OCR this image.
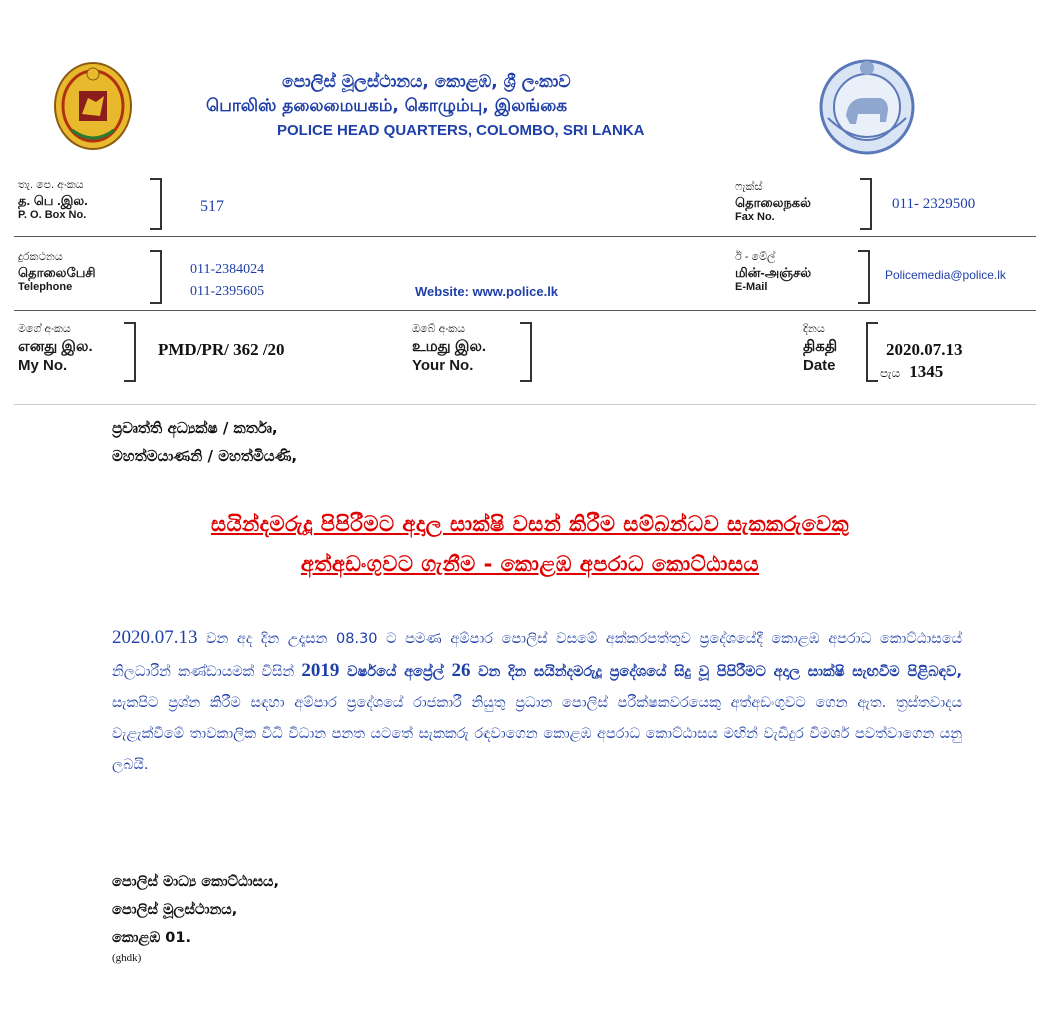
පොලිස් මූලස්ථානය, කොළඹ, ශ්‍රී ලංකාව
பொலிஸ் தலைமையகம், கொழும்பு, இலங்கை
POLICE HEAD QUARTERS, COLOMBO, SRI LANKA
තැ. පෙ. අංකය
த. பெ .இல.
P. O. Box No.	517
ෆැක්ස්
தொலைநகல்
Fax No.
011- 2329500
දුරකථනය
தொலைபேசி
Telephone
011-2384024
011-2395605	Website: www.police.lk
ඊ - මේල්
மின்-அஞ்சல்
E-Mail
Policemedia@police.lk
මගේ අංකය
எனது இல.
My No.
PMD/PR/ 362 /20
ඔබේ අංකය
உமது இல.
Your No.
දිනය
திகதி
Date
2020.07.13
පැය 1345
ප්‍රවෘත්ති අධ්‍යක්ෂ / කර්තෘ,
මහත්මයාණනි / මහත්මියණි,
සයින්දමරුදූ පිපිරීමට අදාල සාක්ෂි වසන් කිරීම සම්බන්ධව සැකකරුවෙකු
අත්අඩංගුවට ගැනීම - කොළඹ අපරාධ කොට්ඨාසය
2020.07.13 වන අද දින උදෑසන 08.30 ට පමණ අම්පාර පොලිස් වසමේ අක්කරපත්තුව ප්‍රදේශයේදී කොළඹ අපරාධ කොට්ඨාසයේ නිලධාරීන් කණ්ඩායමක් විසින් 2019 වර්ෂයේ අප්‍රේල් 26 වන දින සයින්දමරුදූ ප්‍රදේශයේ සිදු වූ පිපිරීමට අදාල සාක්ෂි සැඟවීම පිළිබඳව, සැකපිට ප්‍රශ්න කිරීම සඳහා අම්පාර ප්‍රදේශයේ රාජකාරී නියුතු ප්‍රධාන පොලිස් පරීක්ෂකවරයෙකු අත්අඩංගුවට ගෙන ඇත. ත්‍රස්තවාදය වැළැක්වීමේ තාවකාලික විධි විධාන පනත යටතේ සැකකරු රඳවාගෙන කොළඹ අපරාධ කොට්ඨාසය මඟින් වැඩිදුර විමර්ශ පවත්වාගෙන යනු ලබයි.
පොලිස් මාධ්‍ය කොට්ඨාසය,
පොලිස් මූලස්ථානය,
කොළඹ 01.
(ghdk)
